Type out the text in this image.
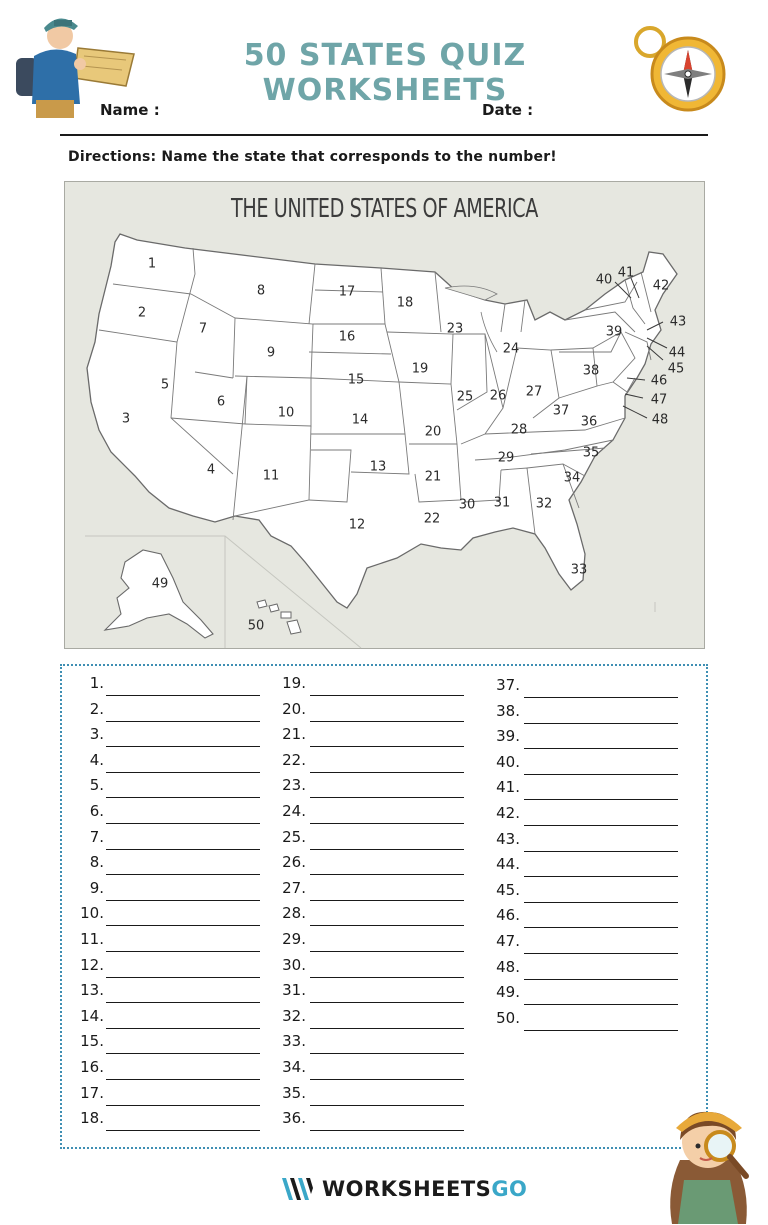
50 STATES QUIZ WORKSHEETS
Name :	Date :
Directions: Name the state that corresponds to the number!
THE UNITED STATES OF AMERICA
1
2
3
4
5
6
7
8
9
10
11
12
13
14
15
16
17
18
19
20
21
22
23
24
25 26 27
28
29
30 31 32
33
34
35
36
37
38
39
40 41
42
43
44
45
46
47
48
49
50
1.
2.
3.
4.
5.
6.
7.
8.
9.
10.
11.
12.
13.
14.
15.
16.
17.
18.
19.
20.
21.
22.
23.
24.
25.
26.
27.
28.
29.
30.
31.
32.
33.
34.
35.
36.
37.
38.
39.
40.
41.
42.
43.
44.
45.
46.
47.
48.
49.
50.
WORKSHEETSGO
